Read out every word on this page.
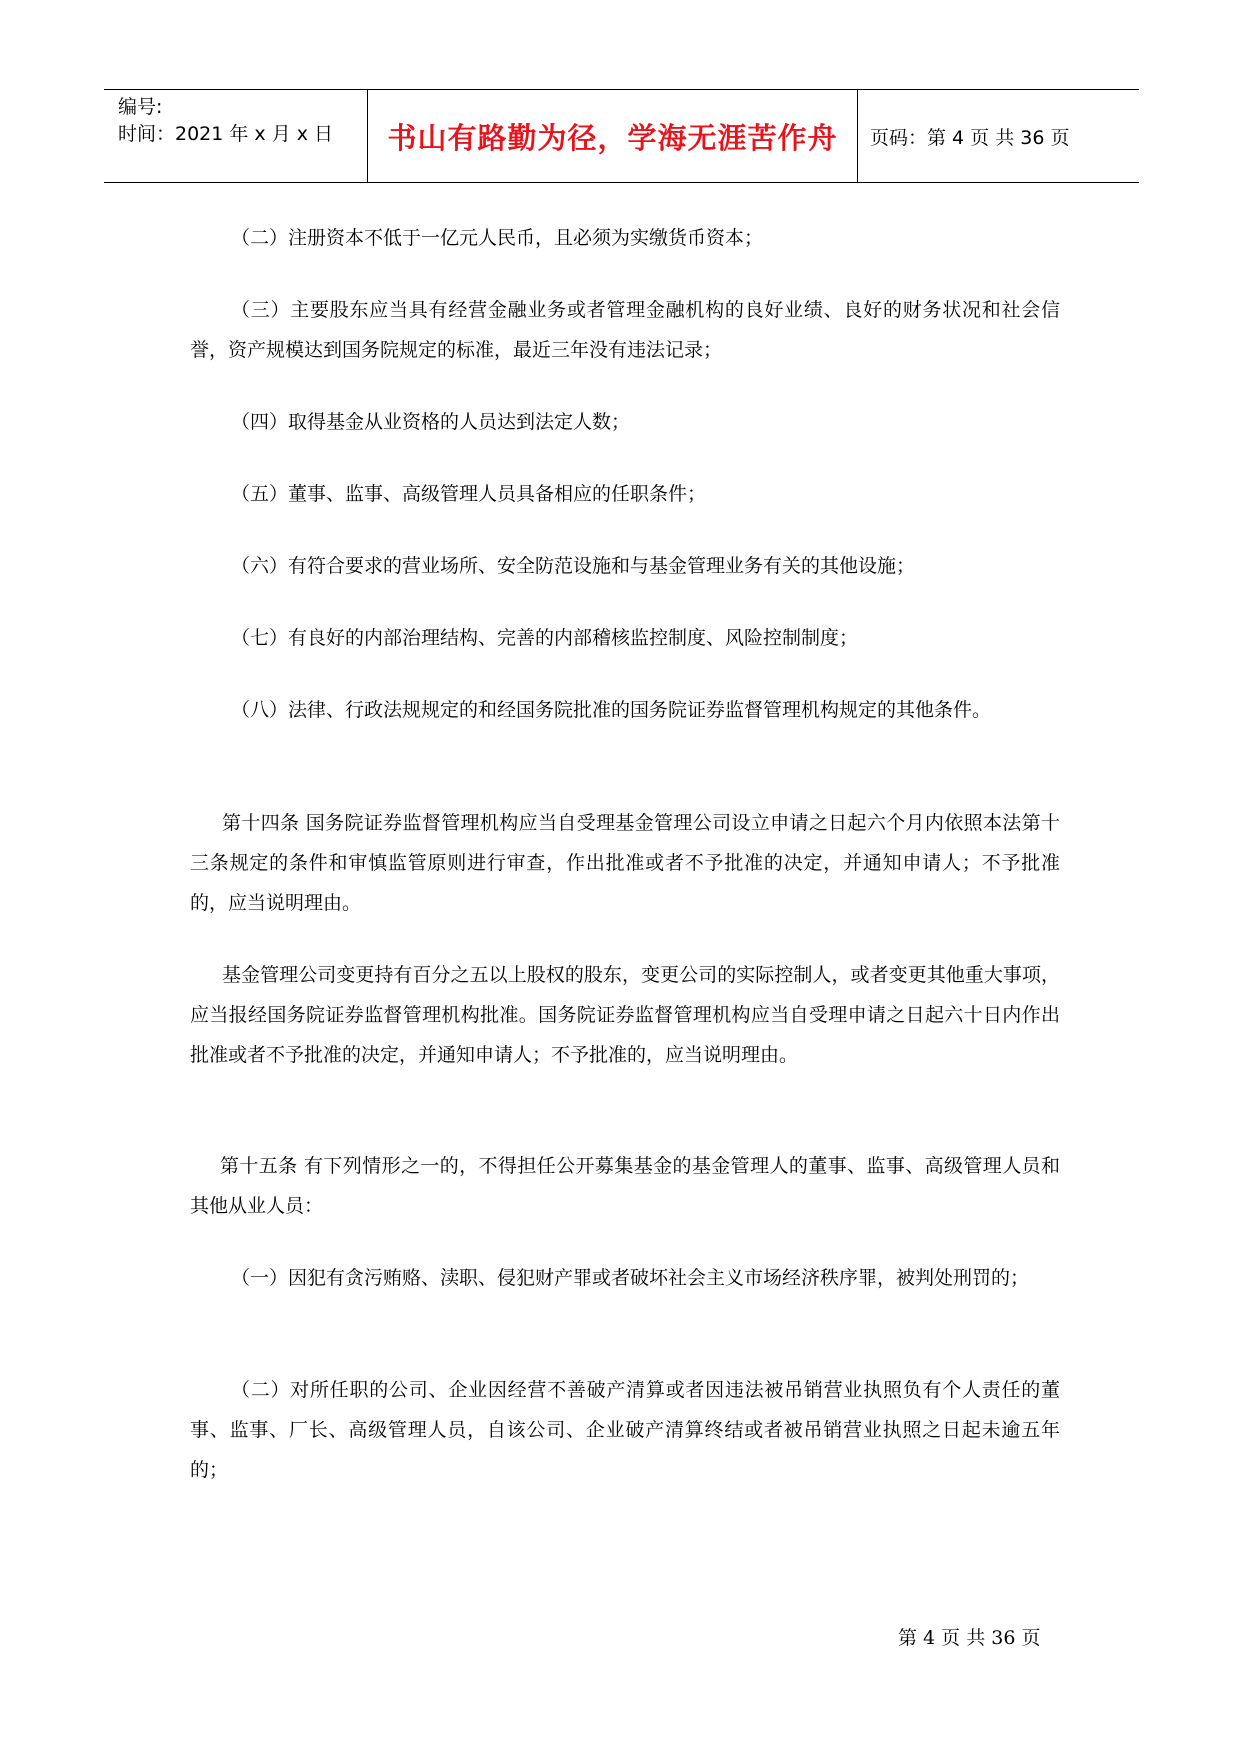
编号:
时间：2021 年 x 月 x 日 书山有路勤为径，学海无涯苦作舟 页码：第 4 页 共 36 页

（二）注册资本不低于一亿元人民币，且必须为实缴货币资本；

（三）主要股东应当具有经营金融业务或者管理金融机构的良好业绩、良好的财务状况和社会信誉，资产规模达到国务院规定的标准，最近三年没有违法记录；

（四）取得基金从业资格的人员达到法定人数；

（五）董事、监事、高级管理人员具备相应的任职条件；

（六）有符合要求的营业场所、安全防范设施和与基金管理业务有关的其他设施；

（七）有良好的内部治理结构、完善的内部稽核监控制度、风险控制制度；

（八）法律、行政法规规定的和经国务院批准的国务院证券监督管理机构规定的其他条件。

第十四条 国务院证券监督管理机构应当自受理基金管理公司设立申请之日起六个月内依照本法第十三条规定的条件和审慎监管原则进行审查，作出批准或者不予批准的决定，并通知申请人；不予批准的，应当说明理由。

基金管理公司变更持有百分之五以上股权的股东，变更公司的实际控制人，或者变更其他重大事项，应当报经国务院证券监督管理机构批准。国务院证券监督管理机构应当自受理申请之日起六十日内作出批准或者不予批准的决定，并通知申请人；不予批准的，应当说明理由。

第十五条 有下列情形之一的，不得担任公开募集基金的基金管理人的董事、监事、高级管理人员和其他从业人员：

（一）因犯有贪污贿赂、渎职、侵犯财产罪或者破坏社会主义市场经济秩序罪，被判处刑罚的；

（二）对所任职的公司、企业因经营不善破产清算或者因违法被吊销营业执照负有个人责任的董事、监事、厂长、高级管理人员，自该公司、企业破产清算终结或者被吊销营业执照之日起未逾五年的；

第 4 页 共 36 页
